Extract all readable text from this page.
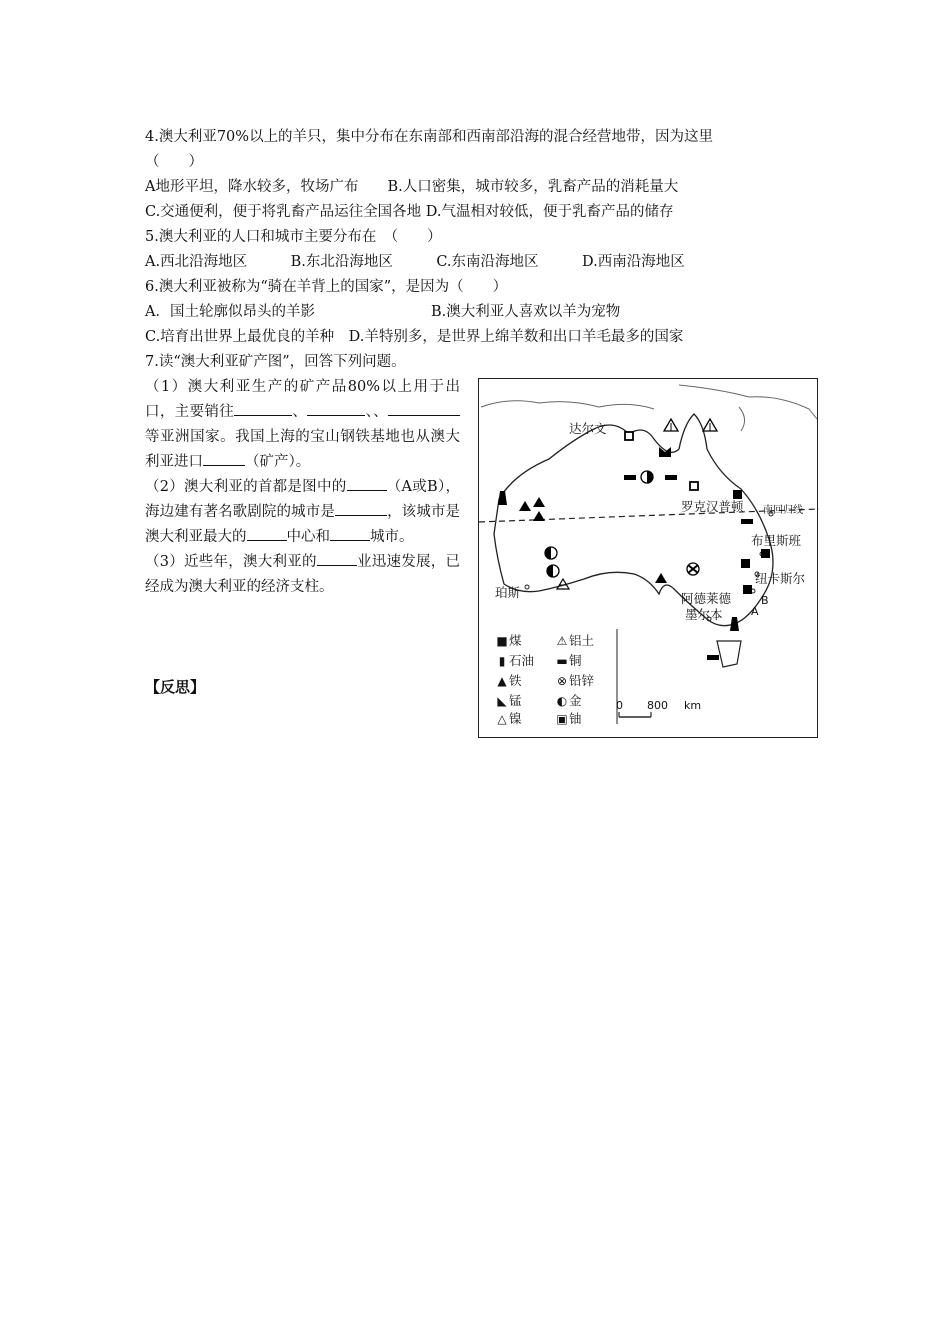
4.澳大利亚70%以上的羊只，集中分布在东南部和西南部沿海的混合经营地带，因为这里
（　　）
A地形平坦，降水较多，牧场广布　　B.人口密集，城市较多，乳畜产品的消耗量大
C.交通便利，便于将乳畜产品运往全国各地 D.气温相对较低，便于乳畜产品的储存
5.澳大利亚的人口和城市主要分布在　（　　）
A.西北沿海地区　　　B.东北沿海地区　　　C.东南沿海地区　　　D.西南沿海地区
6.澳大利亚被称为“骑在羊背上的国家”，是因为（　　）
A．国土轮廓似昂头的羊影　　　　　　　　B.澳大利亚人喜欢以羊为宠物
C.培育出世界上最优良的羊种　D.羊特别多，是世界上绵羊数和出口羊毛最多的国家
7.读“澳大利亚矿产图”，回答下列问题。

（1）澳大利亚生产的矿产品80%以上用于出口，主要销往	、	、、等亚洲国家。我国上海的宝山钢铁基地也从澳大利亚进口	（矿产）。

（2）澳大利亚的首都是图中的	（A或B），海边建有著名歌剧院的城市是	，该城市是澳大利亚最大的	中心和	城市。

（3）近些年，澳大利亚的	业迅速发展，已经成为澳大利亚的经济支柱。

【反思】
达尔文
罗克汉普顿 南回归线
布里斯班
纽卡斯尔
珀斯	阿德莱德
墨尔本	A
B
■煤	⚠ 铝土
▮ 石油 ▬铜
▲ 铁	⊗ 铅锌
◣ 锰	◐ 金
△ 镍	▣铀
0 800 km
